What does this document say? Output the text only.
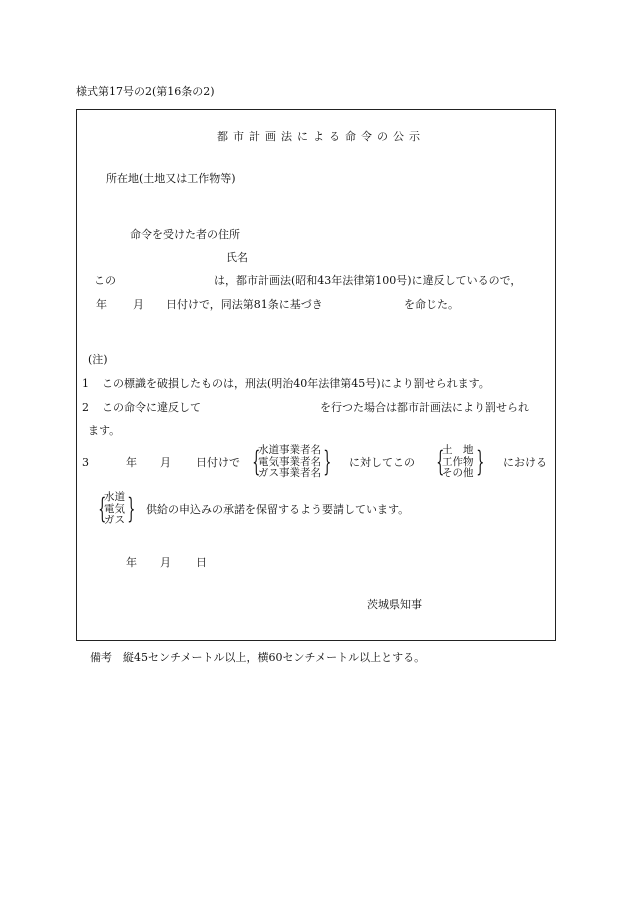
様式第17号の2(第16条の2)
都市計画法による命令の公示
所在地(土地又は工作物等)
命令を受けた者の住所
氏名
この	は，都市計画法(昭和43年法律第100号)に違反しているので，
年 月 日付けで，同法第81条に基づき	を命じた。
(注)
1 この標識を破損したものは，刑法(明治40年法律第45号)により罰せられます。
2 この命令に違反して	を行つた場合は都市計画法により罰せられ
ます。
3	年 月 日付けで {
水道事業者名
電気事業者名
ガス事業者名 } に対してこの {
土　地
工作物
その他 } における
{
水道
電気
ガス } 供給の申込みの承諾を保留するよう要請しています。
年 月 日
茨城県知事
備考　縦45センチメートル以上，横60センチメートル以上とする。
